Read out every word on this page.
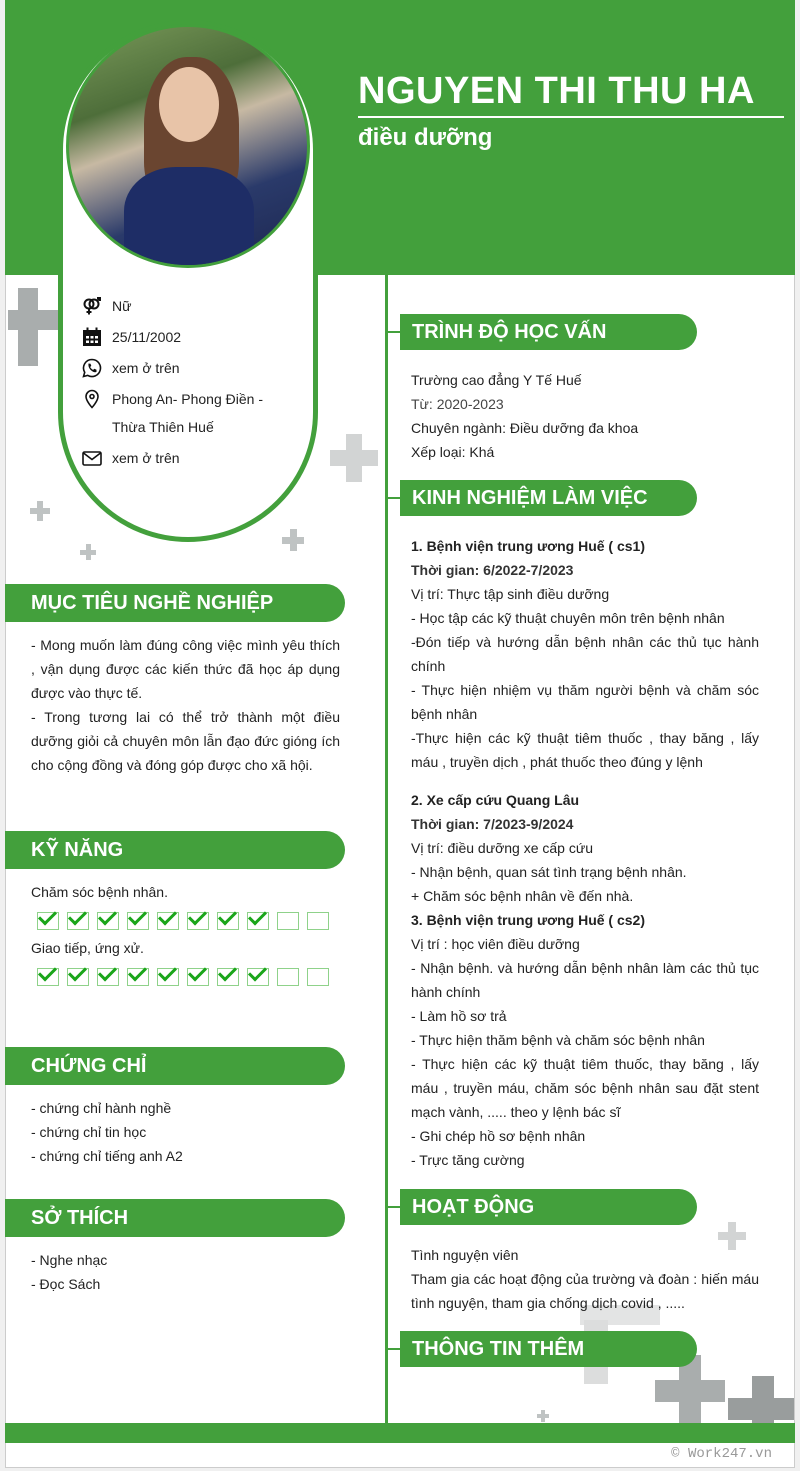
NGUYEN THI THU HA
điều dưỡng
Nữ
25/11/2002
xem ở trên
Phong An- Phong Điền -
Thừa Thiên Huế
xem ở trên
MỤC TIÊU NGHỀ NGHIỆP

- Mong muốn làm đúng công việc mình yêu thích , vận dụng được các kiến thức đã học áp dụng được vào thực tế.

- Trong tương lai có thể trở thành một điều dưỡng giỏi cả chuyên môn lẫn đạo đức gióng ích cho cộng đồng và đóng góp được cho xã hội.

KỸ NĂNG
Chăm sóc bệnh nhân.
Giao tiếp, ứng xử.
CHỨNG CHỈ

- chứng chỉ hành nghề

- chứng chỉ tin học

- chứng chỉ tiếng anh A2

SỞ THÍCH

- Nghe nhạc

- Đọc Sách

TRÌNH ĐỘ HỌC VẤN

Trường cao đẳng Y Tế Huế

Từ: 2020-2023

Chuyên ngành: Điều dưỡng đa khoa

Xếp loại: Khá

KINH NGHIỆM LÀM VIỆC

1. Bệnh viện trung ương Huế ( cs1)

Thời gian: 6/2022-7/2023

Vị trí: Thực tập sinh điều dưỡng

- Học tập các kỹ thuật chuyên môn trên bệnh nhân

-Đón tiếp và hướng dẫn bệnh nhân các thủ tục hành chính

- Thực hiện nhiệm vụ thăm người bệnh và chăm sóc bệnh nhân

-Thực hiện các kỹ thuật tiêm thuốc , thay băng , lấy máu , truyền dịch , phát thuốc theo đúng y lệnh

2. Xe cấp cứu Quang Lâu

Thời gian: 7/2023-9/2024

Vị trí: điều dưỡng xe cấp cứu

- Nhận bệnh, quan sát tình trạng bệnh nhân.

+ Chăm sóc bệnh nhân về đến nhà.

3. Bệnh viện trung ương Huế ( cs2)

Vị trí : học viên điều dưỡng

- Nhận bệnh. và hướng dẫn bệnh nhân làm các thủ tục hành chính

- Làm hồ sơ trả

- Thực hiện thăm bệnh và chăm sóc bệnh nhân

- Thực hiện các kỹ thuật tiêm thuốc, thay băng , lấy máu , truyền máu, chăm sóc bệnh nhân sau đặt stent mạch vành, ..... theo y lệnh bác sĩ

- Ghi chép hồ sơ bệnh nhân

- Trực tăng cường

HOẠT ĐỘNG

Tình nguyện viên

Tham gia các hoạt động của trường và đoàn : hiến máu tình nguyện, tham gia chống dịch covid , .....

THÔNG TIN THÊM
© Work247.vn
